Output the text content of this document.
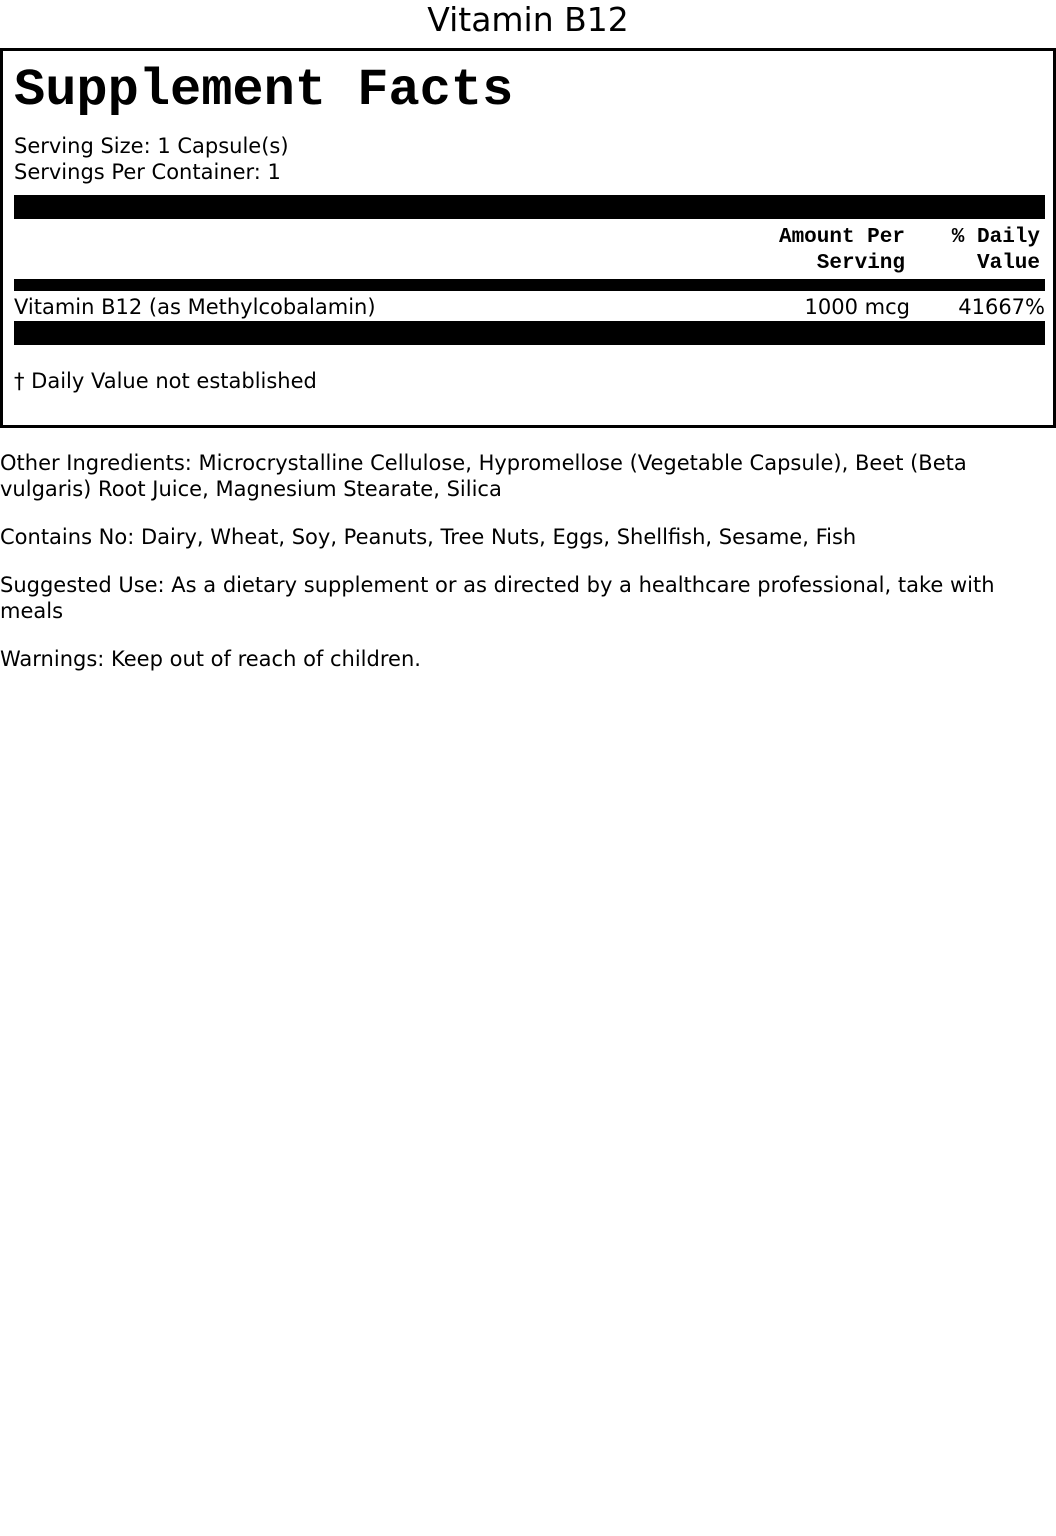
Vitamin B12
Supplement Facts
Serving Size: 1 Capsule(s)
Servings Per Container: 1
Amount Per
Serving
% Daily
Value
Vitamin B12 (as Methylcobalamin)	1000 mcg 41667%
† Daily Value not established

Other Ingredients: Microcrystalline Cellulose, Hypromellose (Vegetable Capsule), Beet (Beta vulgaris) Root Juice, Magnesium Stearate, Silica

Contains No: Dairy, Wheat, Soy, Peanuts, Tree Nuts, Eggs, Shellfish, Sesame, Fish

Suggested Use: As a dietary supplement or as directed by a healthcare professional, take with meals

Warnings: Keep out of reach of children.
